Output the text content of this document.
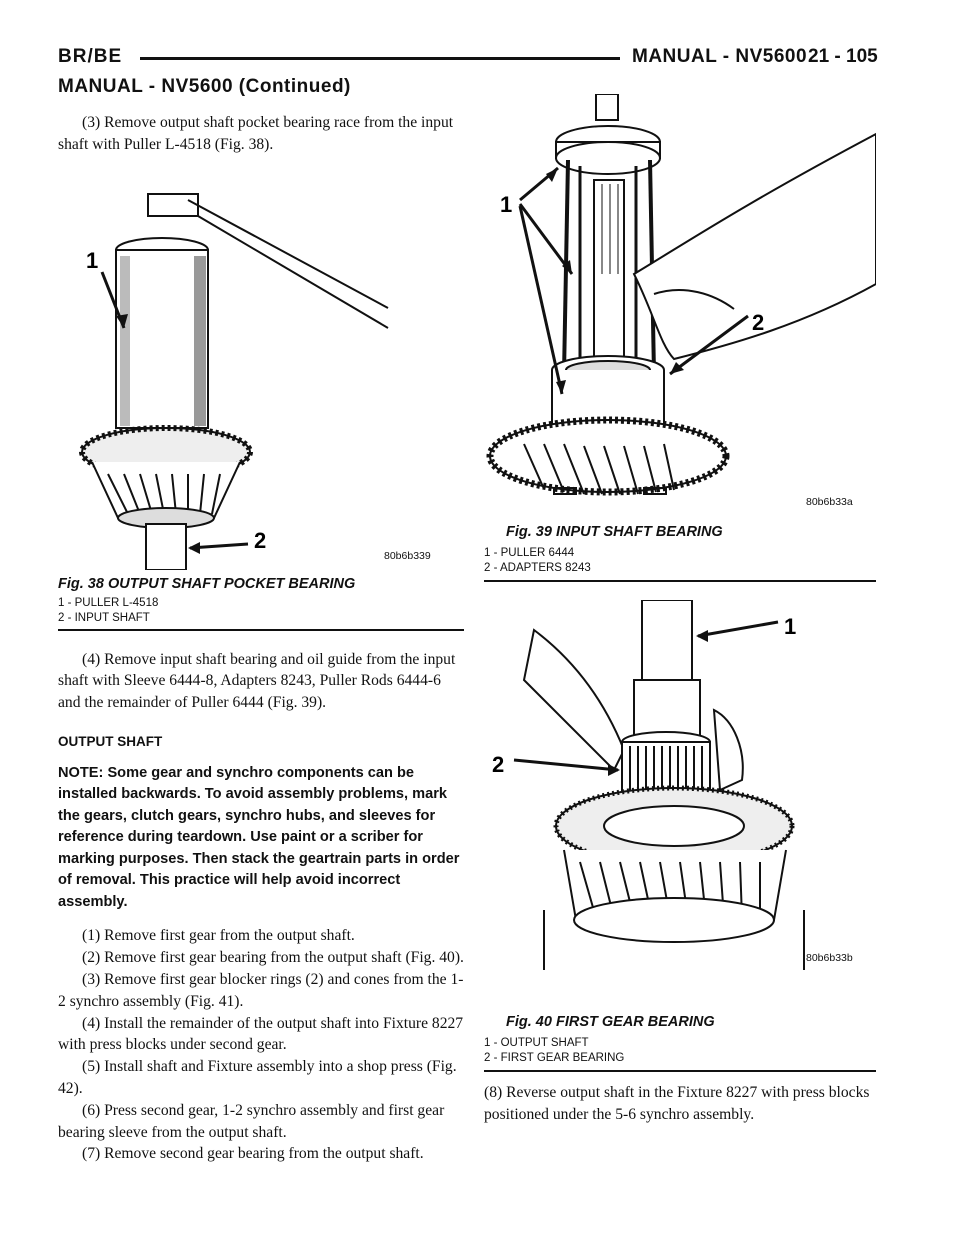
BR/BE	MANUAL - NV5600 21 - 105
MANUAL - NV5600 (Continued)

(3) Remove output shaft pocket bearing race from the input shaft with Puller L-4518 (Fig. 38).

1
2
80b6b339
Fig. 38 OUTPUT SHAFT POCKET BEARING
1 - PULLER L-4518
2 - INPUT SHAFT

(4) Remove input shaft bearing and oil guide from the input shaft with Sleeve 6444-8, Adapters 8243, Puller Rods 6444-6 and the remainder of Puller 6444 (Fig. 39).

OUTPUT SHAFT
NOTE: Some gear and synchro components can be installed backwards. To avoid assembly problems, mark the gears, clutch gears, synchro hubs, and sleeves for reference during teardown. Use paint or a scriber for marking purposes. Then stack the geartrain parts in order of removal. This practice will help avoid incorrect assembly.

(1) Remove first gear from the output shaft.

(2) Remove first gear bearing from the output shaft (Fig. 40).

(3) Remove first gear blocker rings (2) and cones from the 1-2 synchro assembly (Fig. 41).

(4) Install the remainder of the output shaft into Fixture 8227 with press blocks under second gear.

(5) Install shaft and Fixture assembly into a shop press (Fig. 42).

(6) Press second gear, 1-2 synchro assembly and first gear bearing sleeve from the output shaft.

(7) Remove second gear bearing from the output shaft.

1
2
80b6b33a
Fig. 39 INPUT SHAFT BEARING
1 - PULLER 6444
2 - ADAPTERS 8243
1
2
80b6b33b
Fig. 40 FIRST GEAR BEARING
1 - OUTPUT SHAFT
2 - FIRST GEAR BEARING

(8) Reverse output shaft in the Fixture 8227 with press blocks positioned under the 5-6 synchro assembly.
